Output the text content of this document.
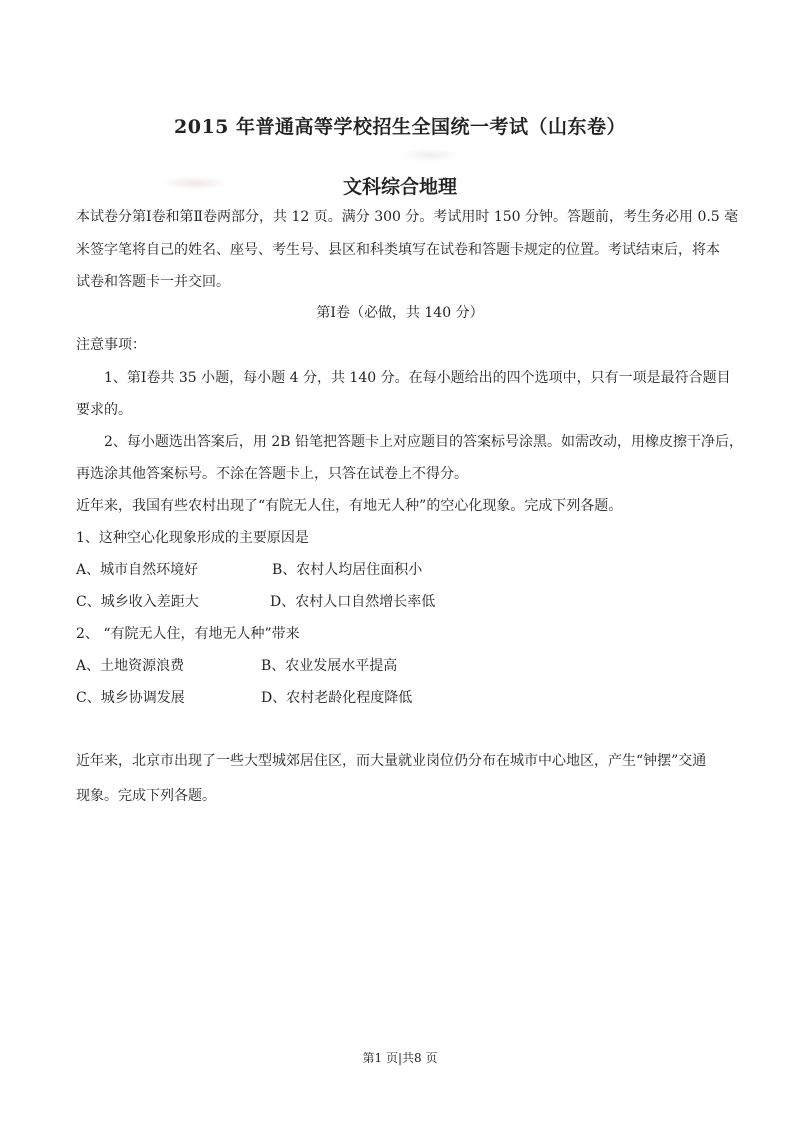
2015 年普通高等学校招生全国统一考试（山东卷）
文科综合地理
本试卷分第Ⅰ卷和第Ⅱ卷两部分，共 12 页。满分 300 分。考试用时 150 分钟。答题前，考生务必用 0.5 毫
米签字笔将自己的姓名、座号、考生号、县区和科类填写在试卷和答题卡规定的位置。考试结束后，将本
试卷和答题卡一并交回。
第Ⅰ卷（必做，共 140 分）
注意事项：
1、第Ⅰ卷共 35 小题，每小题 4 分，共 140 分。在每小题给出的四个选项中，只有一项是最符合题目
要求的。
2、每小题选出答案后，用 2B 铅笔把答题卡上对应题目的答案标号涂黑。如需改动，用橡皮擦干净后，
再选涂其他答案标号。不涂在答题卡上，只答在试卷上不得分。
近年来，我国有些农村出现了“有院无人住，有地无人种”的空心化现象。完成下列各题。
1、这种空心化现象形成的主要原因是
A、城市自然环境好	B、农村人均居住面积小
C、城乡收入差距大	D、农村人口自然增长率低
2、 “有院无人住，有地无人种”带来
A、土地资源浪费	B、农业发展水平提高
C、城乡协调发展	D、农村老龄化程度降低
近年来，北京市出现了一些大型城郊居住区，而大量就业岗位仍分布在城市中心地区，产生“钟摆”交通
现象。完成下列各题。
第1 页|共8 页
